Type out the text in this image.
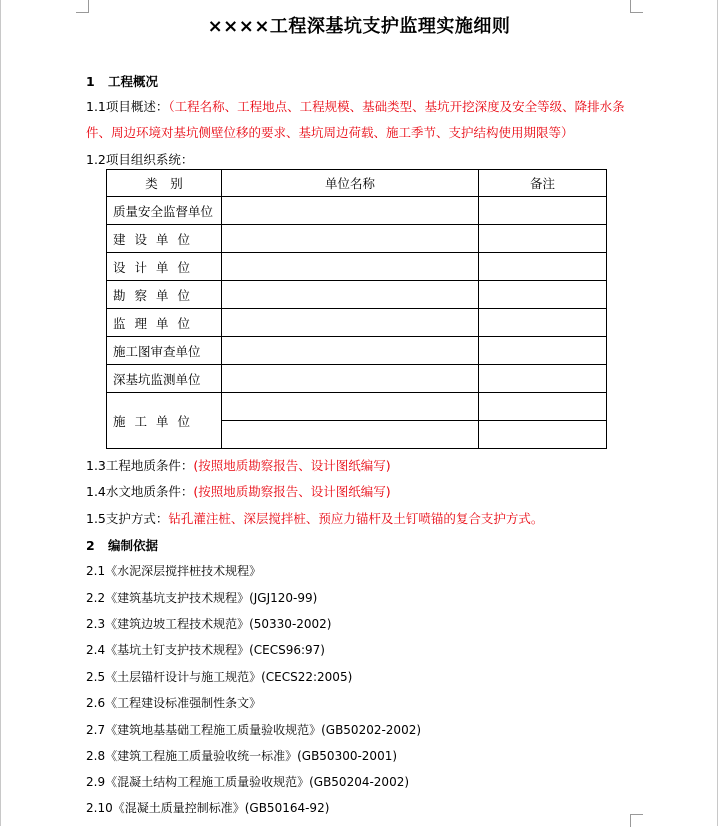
××××工程深基坑支护监理实施细则
1 工程概况
1.1项目概述：（工程名称、工程地点、工程规模、基础类型、基坑开挖深度及安全等级、降排水条
件、周边环境对基坑侧壁位移的要求、基坑周边荷载、施工季节、支护结构使用期限等）
1.2项目组织系统：
类　别	单位名称	备注
质量安全监督单位		
建设单位		
设计单位		
勘察单位		
监理单位		
施工图审查单位		
深基坑监测单位		
施工单位		

1.3工程地质条件：(按照地质勘察报告、设计图纸编写)
1.4水文地质条件：(按照地质勘察报告、设计图纸编写)
1.5支护方式：钻孔灌注桩、深层搅拌桩、预应力锚杆及土钉喷锚的复合支护方式。
2 编制依据
2.1《水泥深层搅拌桩技术规程》
2.2《建筑基坑支护技术规程》(JGJ120-99)
2.3《建筑边坡工程技术规范》(50330-2002)
2.4《基坑土钉支护技术规程》(CECS96:97)
2.5《土层锚杆设计与施工规范》(CECS22:2005)
2.6《工程建设标准强制性条文》
2.7《建筑地基基础工程施工质量验收规范》(GB50202-2002)
2.8《建筑工程施工质量验收统一标准》(GB50300-2001)
2.9《混凝土结构工程施工质量验收规范》(GB50204-2002)
2.10《混凝土质量控制标准》(GB50164-92)
